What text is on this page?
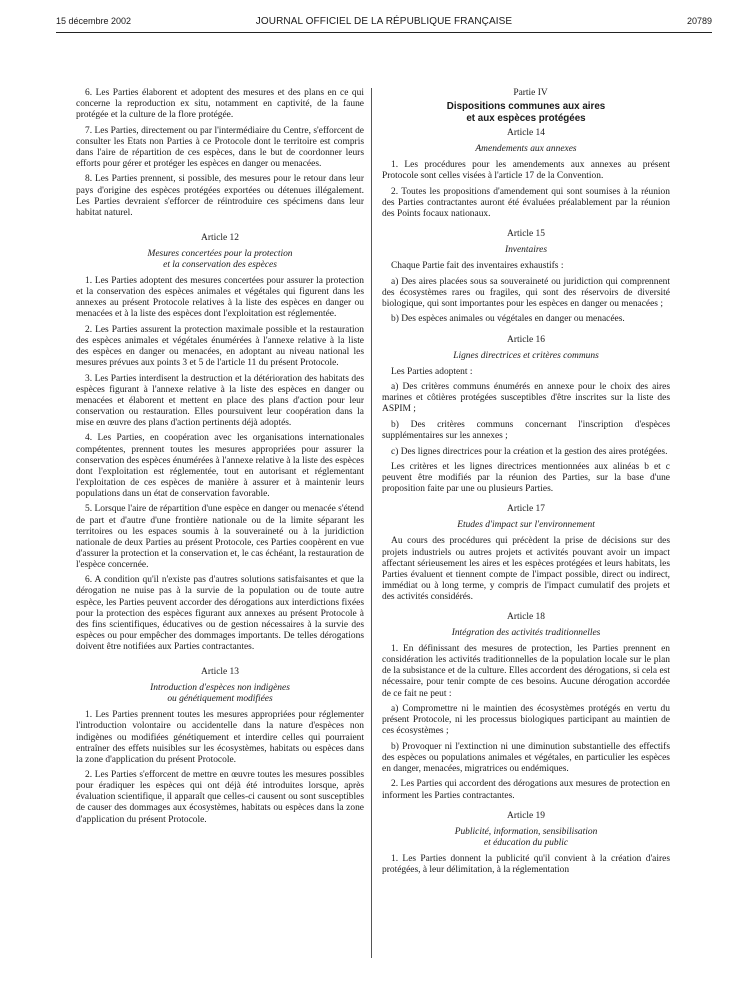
15 décembre 2002	JOURNAL OFFICIEL DE LA RÉPUBLIQUE FRANÇAISE	20789

6. Les Parties élaborent et adoptent des mesures et des plans en ce qui concerne la reproduction ex situ, notamment en captivité, de la faune protégée et la culture de la flore protégée.

7. Les Parties, directement ou par l'intermédiaire du Centre, s'efforcent de consulter les Etats non Parties à ce Protocole dont le territoire est compris dans l'aire de répartition de ces espèces, dans le but de coordonner leurs efforts pour gérer et protéger les espèces en danger ou menacées.

8. Les Parties prennent, si possible, des mesures pour le retour dans leur pays d'origine des espèces protégées exportées ou détenues illégalement. Les Parties devraient s'efforcer de réintroduire ces spécimens dans leur habitat naturel.

Article 12

Mesures concertées pour la protection
et la conservation des espèces

1. Les Parties adoptent des mesures concertées pour assurer la protection et la conservation des espèces animales et végétales qui figurent dans les annexes au présent Protocole relatives à la liste des espèces en danger ou menacées et à la liste des espèces dont l'exploitation est réglementée.

2. Les Parties assurent la protection maximale possible et la restauration des espèces animales et végétales énumérées à l'annexe relative à la liste des espèces en danger ou menacées, en adoptant au niveau national les mesures prévues aux points 3 et 5 de l'article 11 du présent Protocole.

3. Les Parties interdisent la destruction et la détérioration des habitats des espèces figurant à l'annexe relative à la liste des espèces en danger ou menacées et élaborent et mettent en place des plans d'action pour leur conservation ou restauration. Elles poursuivent leur coopération dans la mise en œuvre des plans d'action pertinents déjà adoptés.

4. Les Parties, en coopération avec les organisations internationales compétentes, prennent toutes les mesures appropriées pour assurer la conservation des espèces énumérées à l'annexe relative à la liste des espèces dont l'exploitation est réglementée, tout en autorisant et réglementant l'exploitation de ces espèces de manière à assurer et à maintenir leurs populations dans un état de conservation favorable.

5. Lorsque l'aire de répartition d'une espèce en danger ou menacée s'étend de part et d'autre d'une frontière nationale ou de la limite séparant les territoires ou les espaces soumis à la souveraineté ou à la juridiction nationale de deux Parties au présent Protocole, ces Parties coopèrent en vue d'assurer la protection et la conservation et, le cas échéant, la restauration de l'espèce concernée.

6. A condition qu'il n'existe pas d'autres solutions satisfaisantes et que la dérogation ne nuise pas à la survie de la population ou de toute autre espèce, les Parties peuvent accorder des dérogations aux interdictions fixées pour la protection des espèces figurant aux annexes au présent Protocole à des fins scientifiques, éducatives ou de gestion nécessaires à la survie des espèces ou pour empêcher des dommages importants. De telles dérogations doivent être notifiées aux Parties contractantes.

Article 13

Introduction d'espèces non indigènes
ou génétiquement modifiées

1. Les Parties prennent toutes les mesures appropriées pour réglementer l'introduction volontaire ou accidentelle dans la nature d'espèces non indigènes ou modifiées génétiquement et interdire celles qui pourraient entraîner des effets nuisibles sur les écosystèmes, habitats ou espèces dans la zone d'application du présent Protocole.

2. Les Parties s'efforcent de mettre en œuvre toutes les mesures possibles pour éradiquer les espèces qui ont déjà été introduites lorsque, après évaluation scientifique, il apparaît que celles-ci causent ou sont susceptibles de causer des dommages aux écosystèmes, habitats ou espèces dans la zone d'application du présent Protocole.

Partie IV

Dispositions communes aux aires
et aux espèces protégées

Article 14

Amendements aux annexes

1. Les procédures pour les amendements aux annexes au présent Protocole sont celles visées à l'article 17 de la Convention.

2. Toutes les propositions d'amendement qui sont soumises à la réunion des Parties contractantes auront été évaluées préalablement par la réunion des Points focaux nationaux.

Article 15

Inventaires

Chaque Partie fait des inventaires exhaustifs :

a) Des aires placées sous sa souveraineté ou juridiction qui comprennent des écosystèmes rares ou fragiles, qui sont des réservoirs de diversité biologique, qui sont importantes pour les espèces en danger ou menacées ;

b) Des espèces animales ou végétales en danger ou menacées.

Article 16

Lignes directrices et critères communs

Les Parties adoptent :

a) Des critères communs énumérés en annexe pour le choix des aires marines et côtières protégées susceptibles d'être inscrites sur la liste des ASPIM ;

b) Des critères communs concernant l'inscription d'espèces supplémentaires sur les annexes ;

c) Des lignes directrices pour la création et la gestion des aires protégées.

Les critères et les lignes directrices mentionnées aux alinéas b et c peuvent être modifiés par la réunion des Parties, sur la base d'une proposition faite par une ou plusieurs Parties.

Article 17

Etudes d'impact sur l'environnement

Au cours des procédures qui précèdent la prise de décisions sur des projets industriels ou autres projets et activités pouvant avoir un impact affectant sérieusement les aires et les espèces protégées et leurs habitats, les Parties évaluent et tiennent compte de l'impact possible, direct ou indirect, immédiat ou à long terme, y compris de l'impact cumulatif des projets et des activités considérés.

Article 18

Intégration des activités traditionnelles

1. En définissant des mesures de protection, les Parties prennent en considération les activités traditionnelles de la population locale sur le plan de la subsistance et de la culture. Elles accordent des dérogations, si cela est nécessaire, pour tenir compte de ces besoins. Aucune dérogation accordée de ce fait ne peut :

a) Compromettre ni le maintien des écosystèmes protégés en vertu du présent Protocole, ni les processus biologiques participant au maintien de ces écosystèmes ;

b) Provoquer ni l'extinction ni une diminution substantielle des effectifs des espèces ou populations animales et végétales, en particulier les espèces en danger, menacées, migratrices ou endémiques.

2. Les Parties qui accordent des dérogations aux mesures de protection en informent les Parties contractantes.

Article 19

Publicité, information, sensibilisation
et éducation du public

1. Les Parties donnent la publicité qu'il convient à la création d'aires protégées, à leur délimitation, à la réglementation
